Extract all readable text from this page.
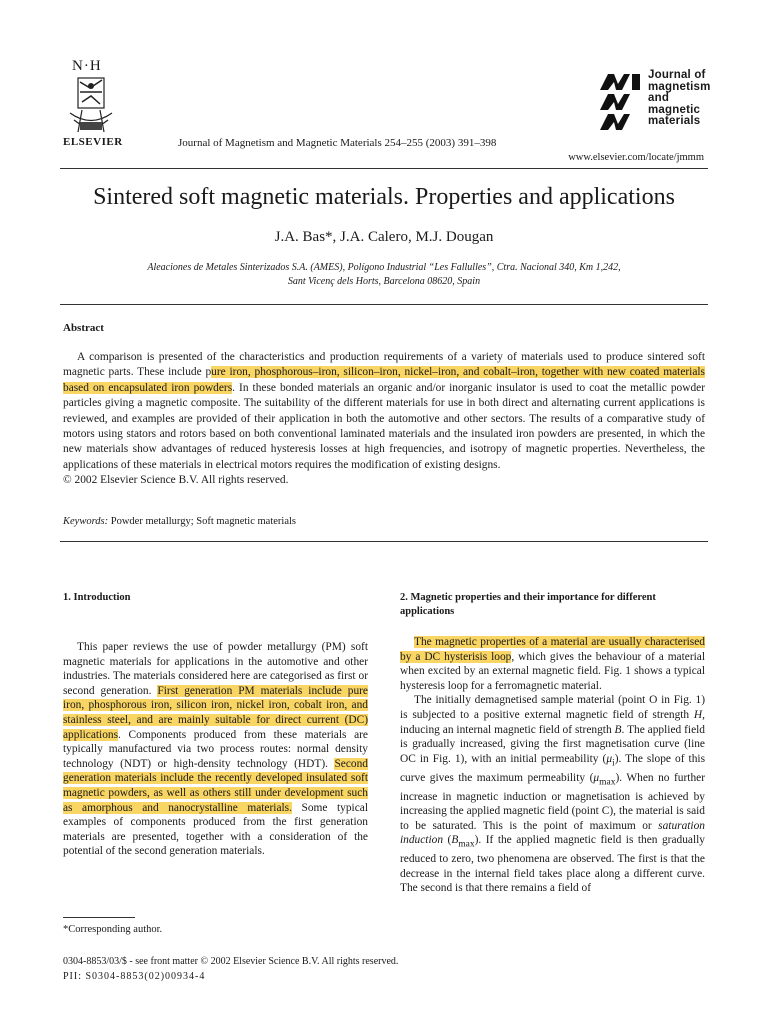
N·H
ELSEVIER	Journal of Magnetism and Magnetic Materials 254–255 (2003) 391–398
Journal of
magnetism
and
magnetic
materials
www.elsevier.com/locate/jmmm
Sintered soft magnetic materials. Properties and applications
J.A. Bas*, J.A. Calero, M.J. Dougan
Aleaciones de Metales Sinterizados S.A. (AMES), Polígono Industrial “Les Fallulles”, Ctra. Nacional 340, Km 1,242,
Sant Vicenç dels Horts, Barcelona 08620, Spain
Abstract
A comparison is presented of the characteristics and production requirements of a variety of materials used to produce sintered soft magnetic parts. These include pure iron, phosphorous–iron, silicon–iron, nickel–iron, and cobalt–iron, together with new coated materials based on encapsulated iron powders. In these bonded materials an organic and/or inorganic insulator is used to coat the metallic powder particles giving a magnetic composite. The suitability of the different materials for use in both direct and alternating current applications is reviewed, and examples are provided of their application in both the automotive and other sectors. The results of a comparative study of motors using stators and rotors based on both conventional laminated materials and the insulated iron powders are presented, in which the new materials show advantages of reduced hysteresis losses at high frequencies, and isotropy of magnetic properties. Nevertheless, the applications of these materials in electrical motors requires the modification of existing designs.
© 2002 Elsevier Science B.V. All rights reserved.
Keywords: Powder metallurgy; Soft magnetic materials
1. Introduction
This paper reviews the use of powder metallurgy (PM) soft magnetic materials for applications in the automotive and other industries. The materials considered here are categorised as first or second generation. First generation PM materials include pure iron, phosphorous iron, silicon iron, nickel iron, cobalt iron, and stainless steel, and are mainly suitable for direct current (DC) applications. Components produced from these materials are typically manufactured via two process routes: normal density technology (NDT) or high-density technology (HDT). Second generation materials include the recently developed insulated soft magnetic powders, as well as others still under development such as amorphous and nanocrystalline materials. Some typical examples of components produced from the first generation materials are presented, together with a consideration of the potential of the second generation materials.
2. Magnetic properties and their importance for different applications

The magnetic properties of a material are usually characterised by a DC hysterisis loop, which gives the behaviour of a material when excited by an external magnetic field. Fig. 1 shows a typical hysteresis loop for a ferromagnetic material.

The initially demagnetised sample material (point O in Fig. 1) is subjected to a positive external magnetic field of strength H, inducing an internal magnetic field of strength B. The applied field is gradually increased, giving the first magnetisation curve (line OC in Fig. 1), with an initial permeability $(\mu_i)$. The slope of this curve gives the maximum permeability $(\mu_{max})$. When no further increase in magnetic induction or magnetisation is achieved by increasing the applied magnetic field (point C), the material is said to be saturated. This is the point of maximum or saturation induction $(B_{max})$. If the applied magnetic field is then gradually reduced to zero, two phenomena are observed. The first is that the decrease in the internal field takes place along a different curve. The second is that there remains a field of

*Corresponding author.
0304-8853/03/$ - see front matter © 2002 Elsevier Science B.V. All rights reserved.
PII: S0304-8853(02)00934-4
